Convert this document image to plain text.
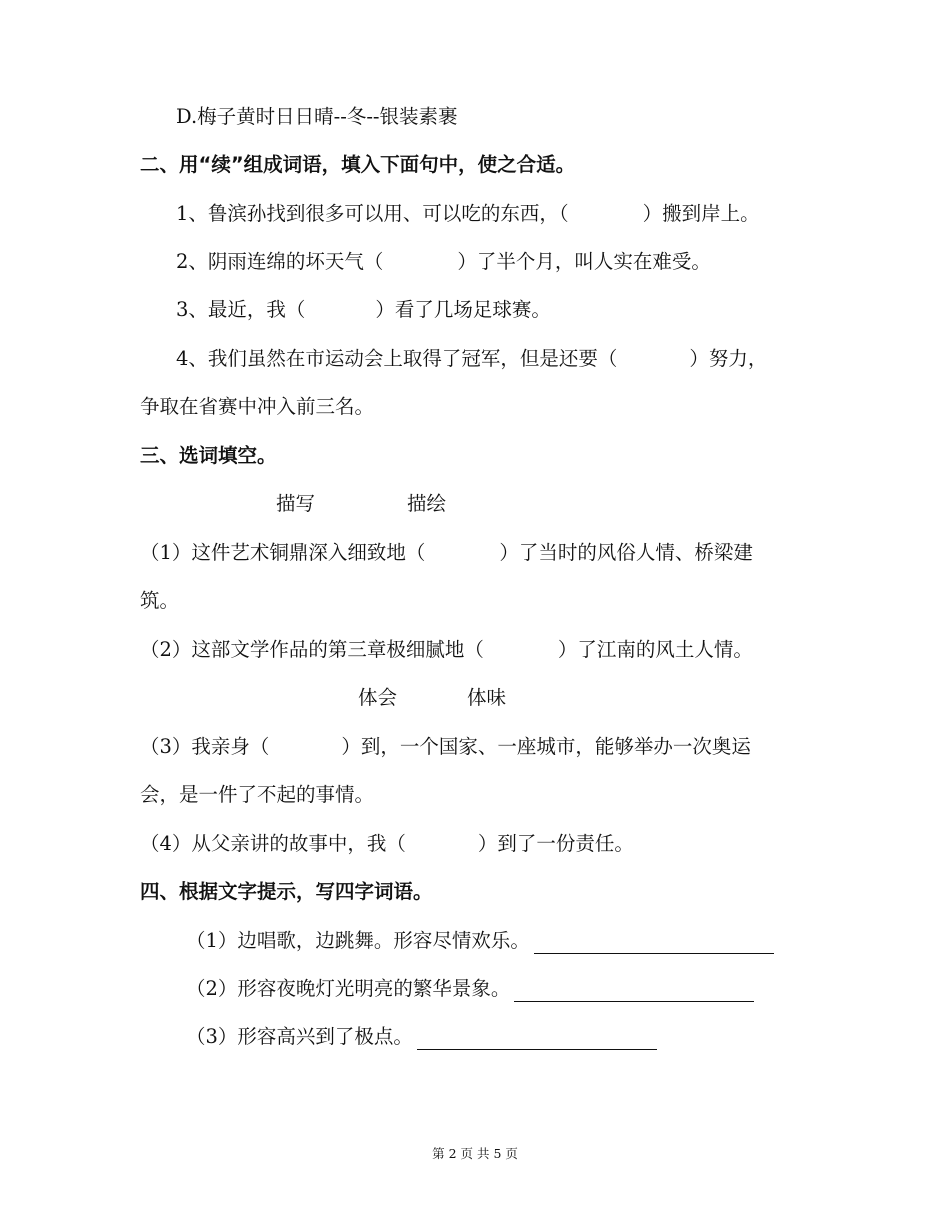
D.梅子黄时日日晴--冬--银装素裹
二、用“续”组成词语，填入下面句中，使之合适。
1、鲁滨孙找到很多可以用、可以吃的东西，（	）搬到岸上。
2、阴雨连绵的坏天气（	）了半个月，叫人实在难受。
3、最近，我（	）看了几场足球赛。
4、我们虽然在市运动会上取得了冠军，但是还要（	）努力，
争取在省赛中冲入前三名。
三、选词填空。
描写	描绘
（1）这件艺术铜鼎深入细致地（	）了当时的风俗人情、桥梁建
筑。
（2）这部文学作品的第三章极细腻地（	）了江南的风土人情。
体会	体味
（3）我亲身（	）到，一个国家、一座城市，能够举办一次奥运
会，是一件了不起的事情。
（4）从父亲讲的故事中，我（	）到了一份责任。
四、根据文字提示，写四字词语。
（1）边唱歌，边跳舞。形容尽情欢乐。
（2）形容夜晚灯光明亮的繁华景象。
（3）形容高兴到了极点。
第 2 页 共 5 页
